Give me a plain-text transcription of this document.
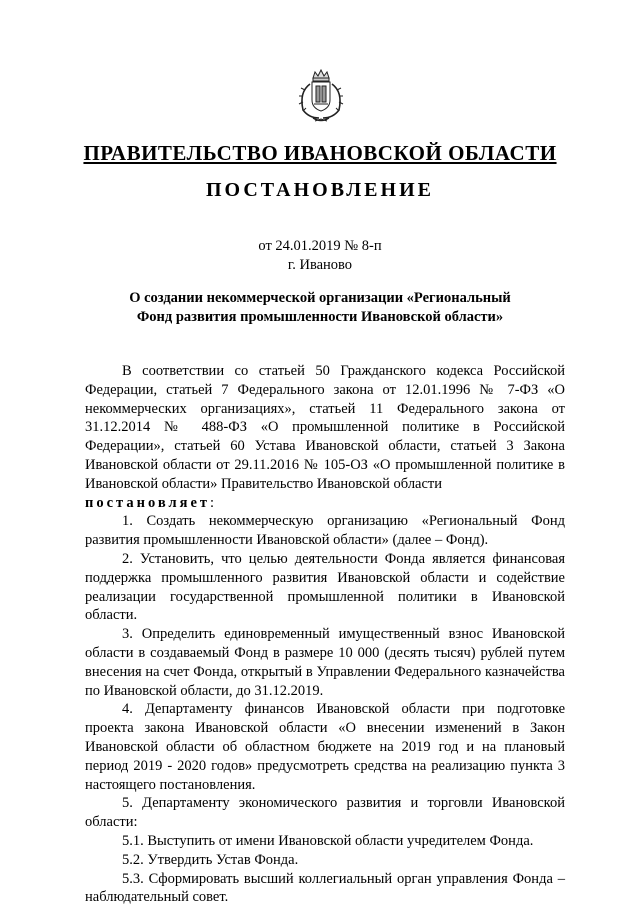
ПРАВИТЕЛЬСТВО ИВАНОВСКОЙ ОБЛАСТИ
ПОСТАНОВЛЕНИЕ
от 24.01.2019 № 8-п
г. Иваново
О создании некоммерческой организации «Региональный
Фонд развития промышленности Ивановской области»

В соответствии со статьей 50 Гражданского кодекса Российской Федерации, статьей 7 Федерального закона от 12.01.1996 № 7-ФЗ «О некоммерческих организациях», статьей 11 Федерального закона от 31.12.2014 № 488-ФЗ «О промышленной политике в Российской Федерации», статьей 60 Устава Ивановской области, статьей 3 Закона Ивановской области от 29.11.2016 № 105-ОЗ «О промышленной политике в Ивановской области» Правительство Ивановской области

постановляет:

1. Создать некоммерческую организацию «Региональный Фонд развития промышленности Ивановской области» (далее – Фонд).

2. Установить, что целью деятельности Фонда является финансовая поддержка промышленного развития Ивановской области и содействие реализации государственной промышленной политики в Ивановской области.

3. Определить единовременный имущественный взнос Ивановской области в создаваемый Фонд в размере 10 000 (десять тысяч) рублей путем внесения на счет Фонда, открытый в Управлении Федерального казначейства по Ивановской области, до 31.12.2019.

4. Департаменту финансов Ивановской области при подготовке проекта закона Ивановской области «О внесении изменений в Закон Ивановской области об областном бюджете на 2019 год и на плановый период 2019 - 2020 годов» предусмотреть средства на реализацию пункта 3 настоящего постановления.

5. Департаменту экономического развития и торговли Ивановской области:

5.1. Выступить от имени Ивановской области учредителем Фонда.

5.2. Утвердить Устав Фонда.

5.3. Сформировать высший коллегиальный орган управления Фонда – наблюдательный совет.
